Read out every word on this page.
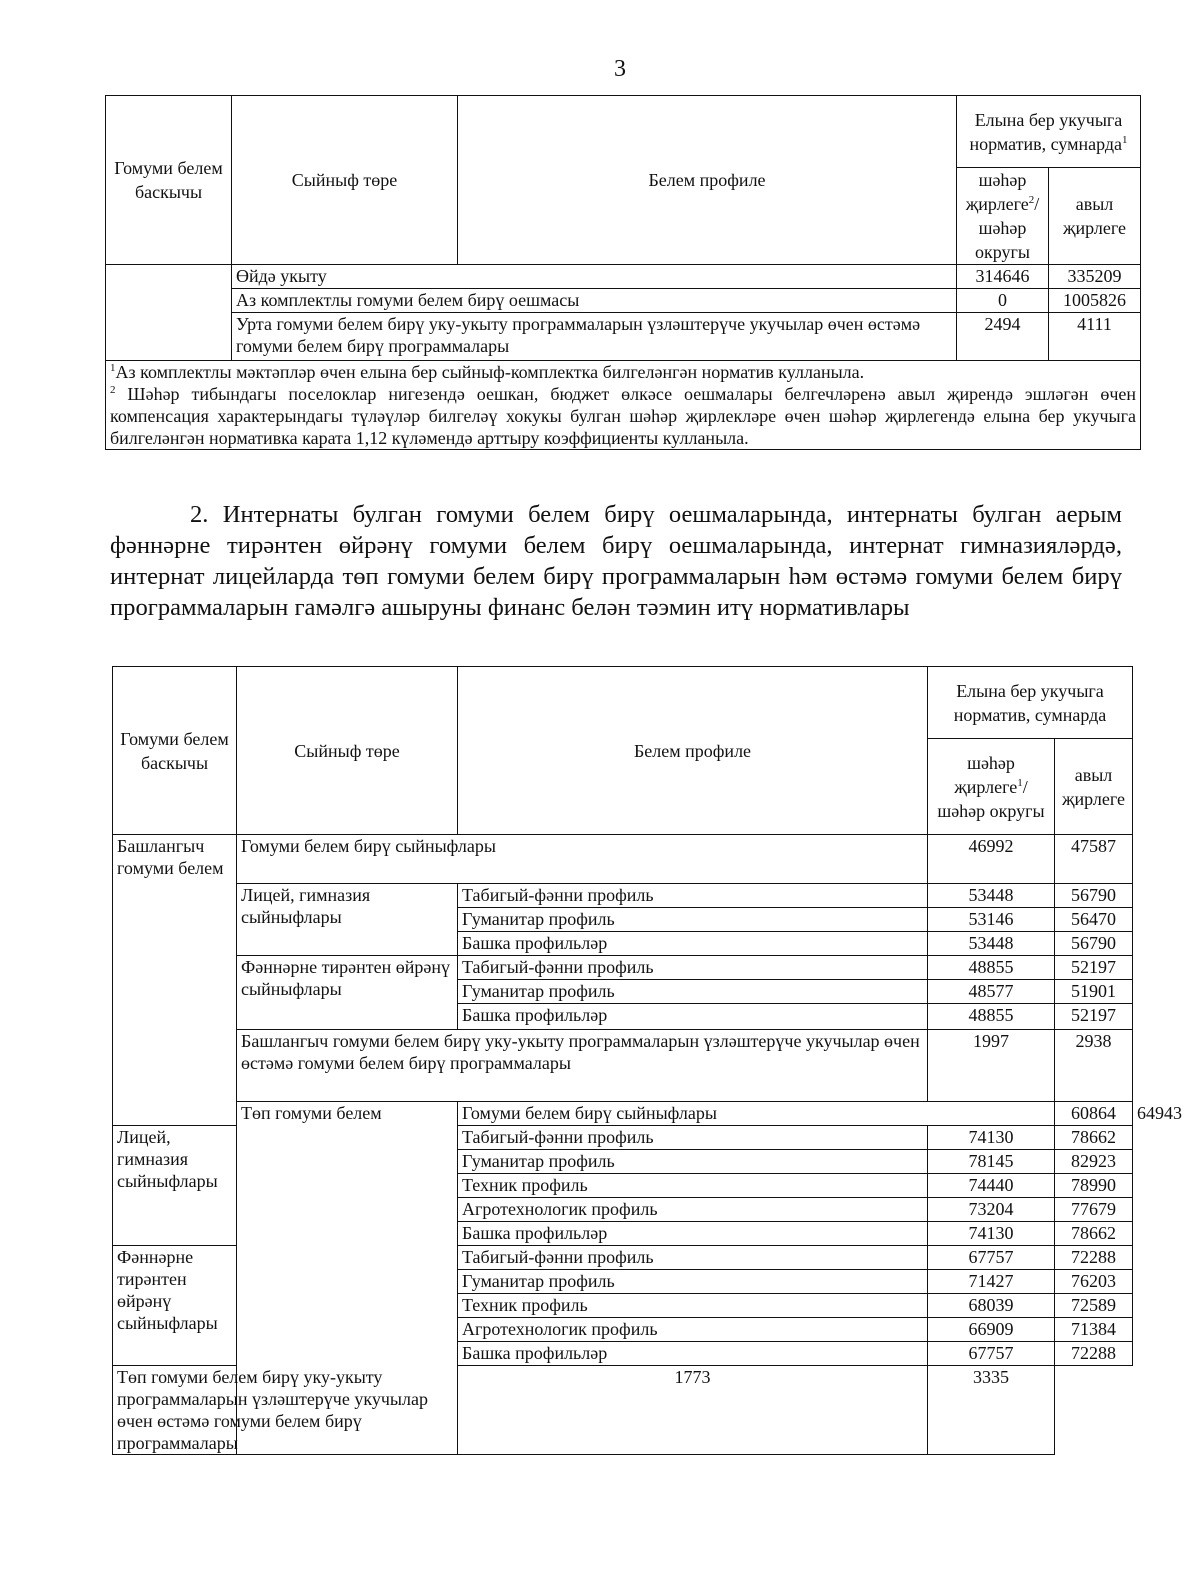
3
Гомуми белем баскычы	Сыйныф төре	Белем профиле	Елына бер укучыга норматив, сумнарда$^1$
			шәһәр җирлеге$^2$/ шәһәр округы	авыл җирлеге
	Өйдә укыту		314646	335209
	Аз комплектлы гомуми белем бирү оешмасы		0	1005826
	Урта гомуми белем бирү уку-укыту программаларын үзләштерүче укучылар өчен өстәмә гомуми белем бирү программалары		2494	4111

$^1$Аз комплектлы мәктәпләр өчен елына бер сыйныф-комплектка билгеләнгән норматив кулланыла.
$^2$ Шәһәр тибындагы поселоклар нигезендә оешкан, бюджет өлкәсе оешмалары белгечләренә авыл җирендә эшләгән өчен компенсация характерындагы түләүләр билгеләү хокукы булган шәһәр җирлекләре өчен шәһәр җирлегендә елына бер укучыга билгеләнгән нормативка карата 1,12 күләмендә арттыру коэффициенты кулланыла.				
2. Интернаты булган гомуми белем бирү оешмаларында, интернаты булган аерым фәннәрне тирәнтен өйрәнү гомуми белем бирү оешмаларында, интернат гимназияләрдә, интернат лицейларда төп гомуми белем бирү программаларын һәм өстәмә гомуми белем бирү программаларын гамәлгә ашыруны финанс белән тәэмин итү нормативлары
Гомуми белем баскычы	Сыйныф төре	Белем профиле	Елына бер укучыга норматив, сумнарда		
			шәһәр җирлеге$^1$/ шәһәр округы	авыл җирлеге	
Башлангыч гомуми белем	Гомуми белем бирү сыйныфлары		46992	47587	
	Лицей, гимназия сыйныфлары	Табигый-фәнни профиль	53448	56790	
		Гуманитар профиль	53146	56470	
		Башка профильләр	53448	56790	
	Фәннәрне тирәнтен өйрәнү сыйныфлары	Табигый-фәнни профиль	48855	52197	
		Гуманитар профиль	48577	51901	
		Башка профильләр	48855	52197	
	Башлангыч гомуми белем бирү уку-укыту программаларын үзләштерүче укучылар өчен өстәмә гомуми белем бирү программалары		1997	2938	
	Төп гомуми белем	Гомуми белем бирү сыйныфлары		60864	64943
Лицей, гимназия сыйныфлары		Табигый-фәнни профиль	74130	78662	
		Гуманитар профиль	78145	82923	
		Техник профиль	74440	78990	
		Агротехнологик профиль	73204	77679	
		Башка профильләр	74130	78662	
Фәннәрне тирәнтен өйрәнү сыйныфлары		Табигый-фәнни профиль	67757	72288	
		Гуманитар профиль	71427	76203	
		Техник профиль	68039	72589	
		Агротехнологик профиль	66909	71384	
		Башка профильләр	67757	72288	
Төп гомуми белем бирү уку-укыту программаларын үзләштерүче укучылар өчен өстәмә гомуми белем бирү программалары		1773	3335		
